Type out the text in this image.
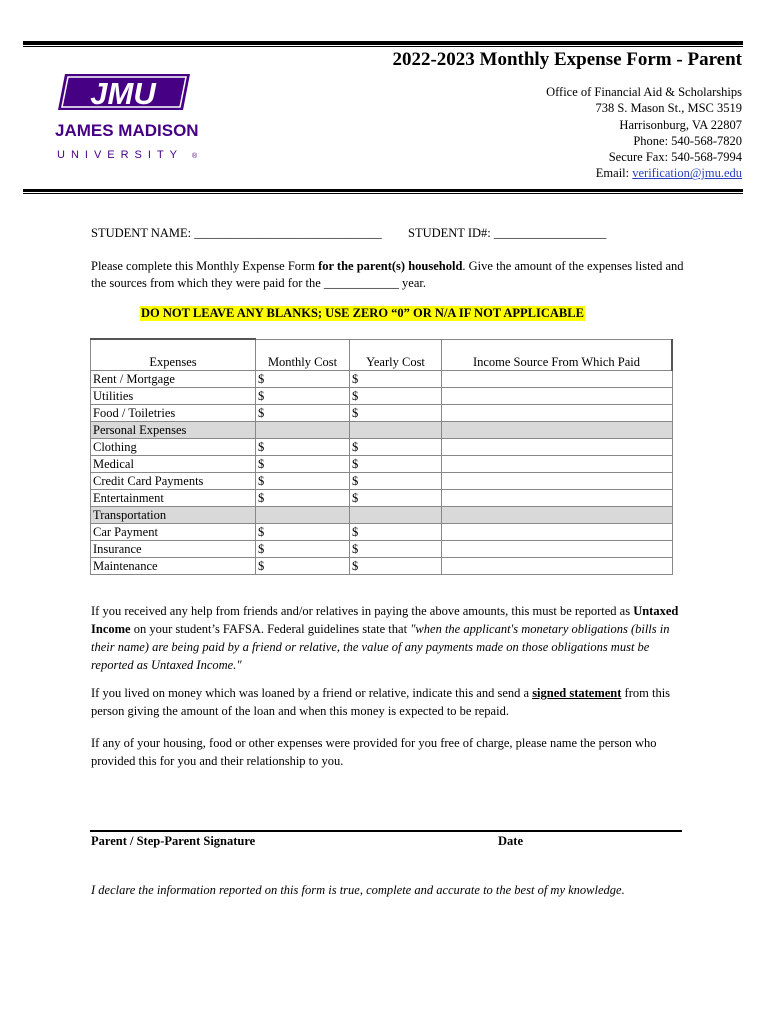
JMU
JAMES MADISON
UNIVERSITY ®
2022-2023 Monthly Expense Form - Parent
Office of Financial Aid & Scholarships
738 S. Mason St., MSC 3519
Harrisonburg, VA 22807
Phone: 540-568-7820
Secure Fax: 540-568-7994
Email: verification@jmu.edu
STUDENT NAME: ______________________________ STUDENT ID#: __________________
Please complete this Monthly Expense Form for the parent(s) household. Give the amount of the expenses listed and the sources from which they were paid for the ____________ year.
DO NOT LEAVE ANY BLANKS; USE ZERO “0” OR N/A IF NOT APPLICABLE
Expenses	Monthly Cost	Yearly Cost	Income Source From Which Paid
Rent / Mortgage	$	$	
Utilities	$	$	
Food / Toiletries	$	$	
Personal Expenses			
Clothing	$	$	
Medical	$	$	
Credit Card Payments	$	$	
Entertainment	$	$	
Transportation			
Car Payment	$	$	
Insurance	$	$	
Maintenance	$	$	
If you received any help from friends and/or relatives in paying the above amounts, this must be reported as Untaxed Income on your student’s FAFSA. Federal guidelines state that "when the applicant's monetary obligations (bills in their name) are being paid by a friend or relative, the value of any payments made on those obligations must be reported as Untaxed Income."
If you lived on money which was loaned by a friend or relative, indicate this and send a signed statement from this person giving the amount of the loan and when this money is expected to be repaid.
If any of your housing, food or other expenses were provided for you free of charge, please name the person who provided this for you and their relationship to you.
Parent / Step-Parent Signature	Date
I declare the information reported on this form is true, complete and accurate to the best of my knowledge.
